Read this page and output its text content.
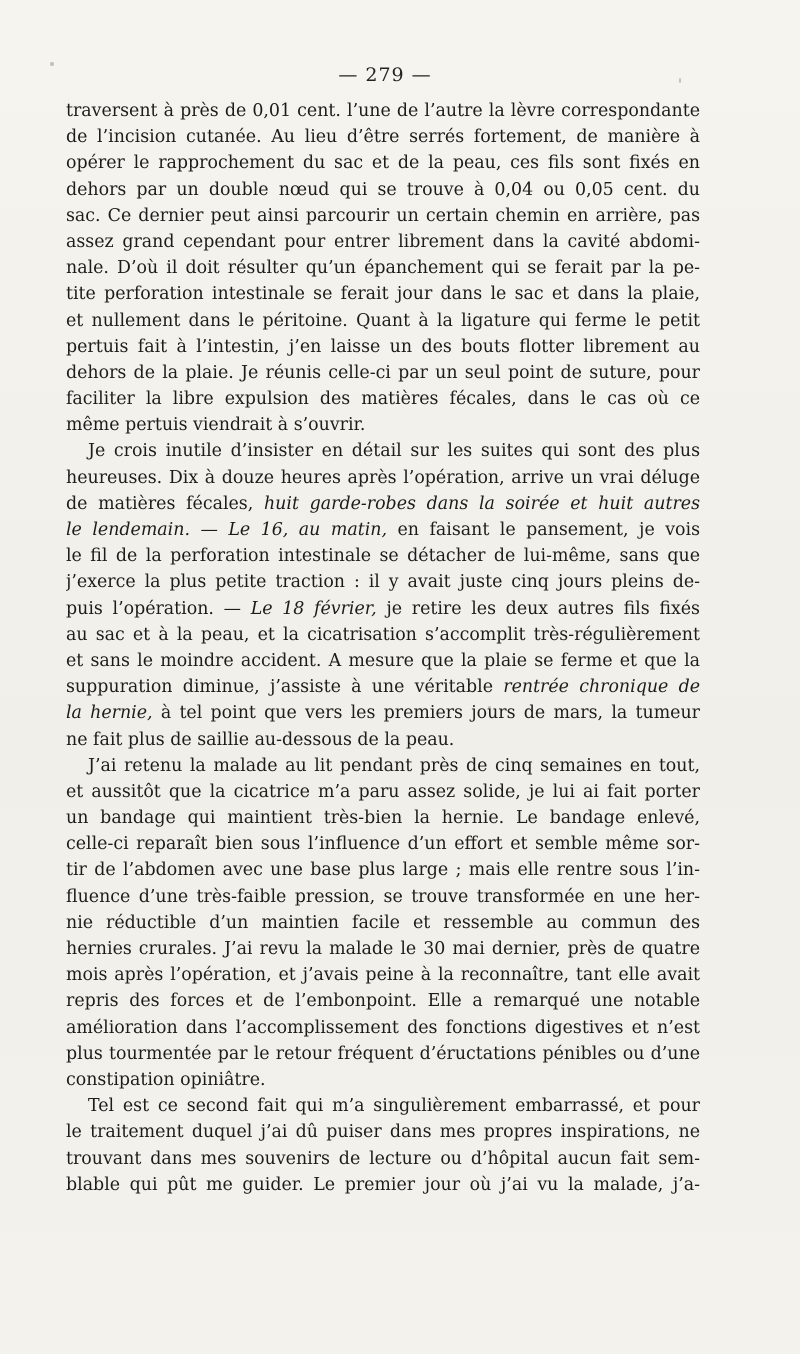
— 279 —
traversent à près de 0,01 cent. l’une de l’autre la lèvre correspondante
de l’incision cutanée. Au lieu d’être serrés fortement, de manière à
opérer le rapprochement du sac et de la peau, ces fils sont fixés en
dehors par un double nœud qui se trouve à 0,04 ou 0,05 cent. du
sac. Ce dernier peut ainsi parcourir un certain chemin en arrière, pas
assez grand cependant pour entrer librement dans la cavité abdomi-
nale. D’où il doit résulter qu’un épanchement qui se ferait par la pe-
tite perforation intestinale se ferait jour dans le sac et dans la plaie,
et nullement dans le péritoine. Quant à la ligature qui ferme le petit
pertuis fait à l’intestin, j’en laisse un des bouts flotter librement au
dehors de la plaie. Je réunis celle-ci par un seul point de suture, pour
faciliter la libre expulsion des matières fécales, dans le cas où ce
même pertuis viendrait à s’ouvrir.
Je crois inutile d’insister en détail sur les suites qui sont des plus
heureuses. Dix à douze heures après l’opération, arrive un vrai déluge
de matières fécales, huit garde-robes dans la soirée et huit autres
le lendemain. — Le 16, au matin, en faisant le pansement, je vois
le fil de la perforation intestinale se détacher de lui-même, sans que
j’exerce la plus petite traction : il y avait juste cinq jours pleins de-
puis l’opération. — Le 18 février, je retire les deux autres fils fixés
au sac et à la peau, et la cicatrisation s’accomplit très-régulièrement
et sans le moindre accident. A mesure que la plaie se ferme et que la
suppuration diminue, j’assiste à une véritable rentrée chronique de
la hernie, à tel point que vers les premiers jours de mars, la tumeur
ne fait plus de saillie au-dessous de la peau.
J’ai retenu la malade au lit pendant près de cinq semaines en tout,
et aussitôt que la cicatrice m’a paru assez solide, je lui ai fait porter
un bandage qui maintient très-bien la hernie. Le bandage enlevé,
celle-ci reparaît bien sous l’influence d’un effort et semble même sor-
tir de l’abdomen avec une base plus large ; mais elle rentre sous l’in-
fluence d’une très-faible pression, se trouve transformée en une her-
nie réductible d’un maintien facile et ressemble au commun des
hernies crurales. J’ai revu la malade le 30 mai dernier, près de quatre
mois après l’opération, et j’avais peine à la reconnaître, tant elle avait
repris des forces et de l’embonpoint. Elle a remarqué une notable
amélioration dans l’accomplissement des fonctions digestives et n’est
plus tourmentée par le retour fréquent d’éructations pénibles ou d’une
constipation opiniâtre.
Tel est ce second fait qui m’a singulièrement embarrassé, et pour
le traitement duquel j’ai dû puiser dans mes propres inspirations, ne
trouvant dans mes souvenirs de lecture ou d’hôpital aucun fait sem-
blable qui pût me guider. Le premier jour où j’ai vu la malade, j’a-
